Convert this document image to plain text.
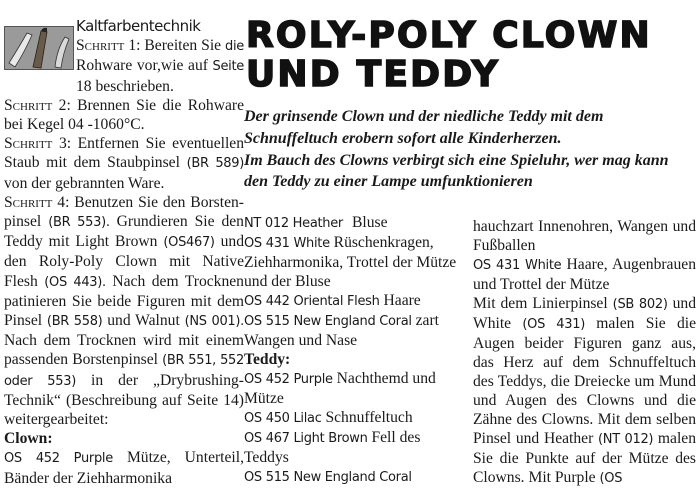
Kaltfarbentechnik

Schritt 1: Bereiten Sie die Rohware vor,wie auf Seite 18 beschrieben.

Schritt 2: Brennen Sie die Rohware bei Kegel 04 -1060°C.

Schritt 3: Entfernen Sie eventuellen Staub mit dem Staubpinsel (BR 589) von der gebrannten Ware.

Schritt 4: Benutzen Sie den Borsten-pinsel (BR 553). Grundieren Sie den Teddy mit Light Brown (OS467) und den Roly-Poly Clown mit Native Flesh (OS 443). Nach dem Trocknen patinieren Sie beide Figuren mit dem Pinsel (BR 558) und Walnut (NS 001). Nach dem Trocknen wird mit einem passenden Borstenpinsel (BR 551, 552 oder 553) in der „Drybrushing-Technik“ (Beschreibung auf Seite 14) weitergearbeitet:

Clown:

OS 452 Purple Mütze, Unterteil, Bänder der Ziehharmonika

ROLY-POLY CLOWN UND TEDDY

Der grinsende Clown und der niedliche Teddy mit dem Schnuffeltuch erobern sofort alle Kinderherzen.

Im Bauch des Clowns verbirgt sich eine Spieluhr, wer mag kann den Teddy zu einer Lampe umfunktionieren

NT 012 Heather Bluse

OS 431 White Rüschenkragen, Ziehharmonika, Trottel der Mütze und der Bluse

OS 442 Oriental Flesh Haare

OS 515 New England Coral zart Wangen und Nase

Teddy:

OS 452 Purple Nachthemd und Mütze

OS 450 Lilac Schnuffeltuch

OS 467 Light Brown Fell des Teddys

OS 515 New England Coral

hauchzart Innenohren, Wangen und Fußballen

OS 431 White Haare, Augenbrauen und Trottel der Mütze

Mit dem Linierpinsel (SB 802) und White (OS 431) malen Sie die Augen beider Figuren ganz aus, das Herz auf dem Schnuffeltuch des Teddys, die Dreiecke um Mund und Augen des Clowns und die Zähne des Clowns. Mit dem selben Pinsel und Heather (NT 012) malen Sie die Punkte auf der Mütze des Clowns. Mit Purple (OS
